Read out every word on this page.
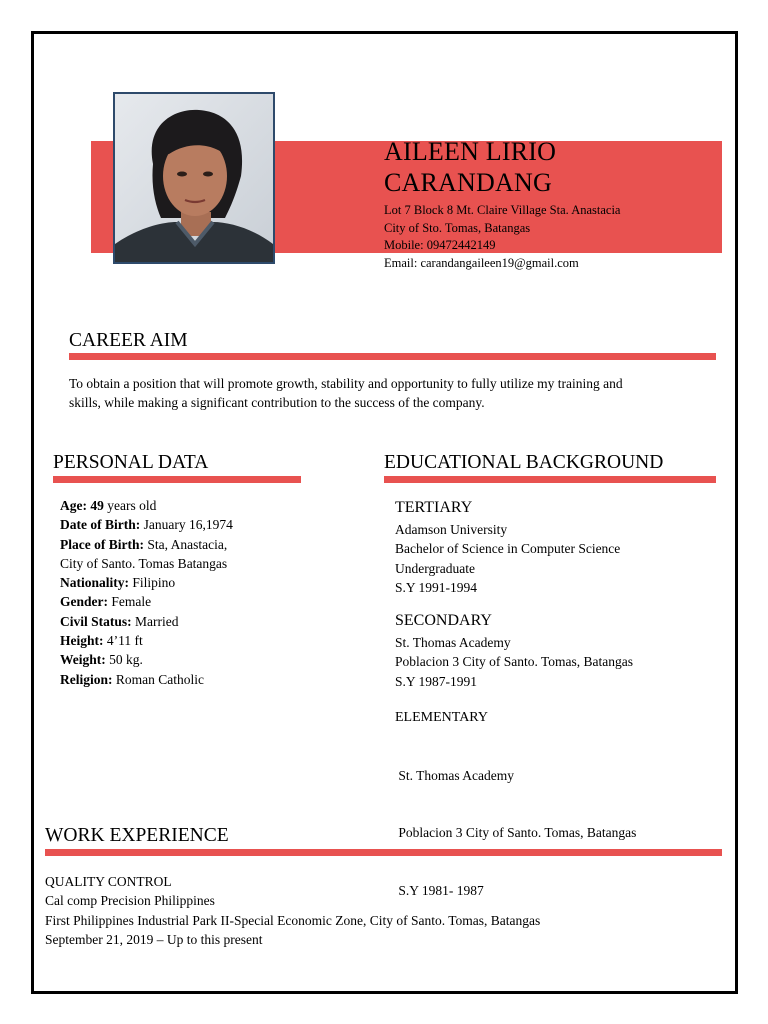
AILEEN LIRIO
CARANDANG
Lot 7 Block 8 Mt. Claire Village Sta. Anastacia
City of Sto. Tomas, Batangas
Mobile: 09472442149
Email: carandangaileen19@gmail.com
CAREER AIM
To obtain a position that will promote growth, stability and opportunity to fully utilize my training and
skills, while making a significant contribution to the success of the company.
PERSONAL DATA
Age: 49 years old
Date of Birth: January 16,1974
Place of Birth: Sta, Anastacia,
City of Santo. Tomas Batangas
Nationality: Filipino
Gender: Female
Civil Status: Married
Height: 4’11 ft
Weight: 50 kg.
Religion: Roman Catholic
EDUCATIONAL BACKGROUND
TERTIARY
Adamson University
Bachelor of Science in Computer Science
Undergraduate
S.Y 1991-1994
SECONDARY
St. Thomas Academy
Poblacion 3 City of Santo. Tomas, Batangas
S.Y 1987-1991
ELEMENTARY

St. Thomas Academy

Poblacion 3 City of Santo. Tomas, Batangas

S.Y 1981- 1987

WORK EXPERIENCE
QUALITY CONTROL
Cal comp Precision Philippines
First Philippines Industrial Park II-Special Economic Zone, City of Santo. Tomas, Batangas
September 21, 2019 – Up to this present
